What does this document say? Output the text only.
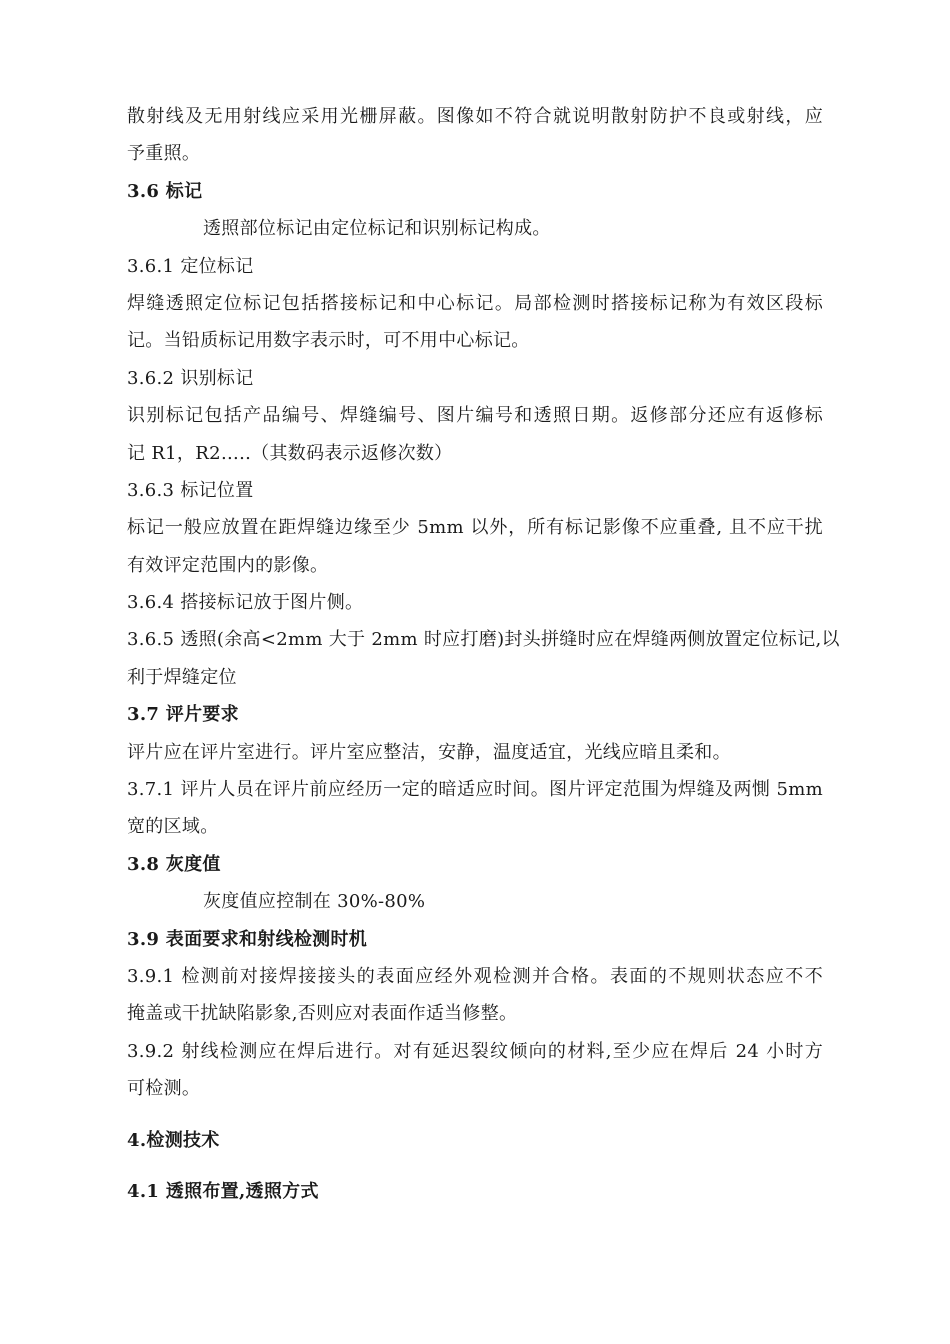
散射线及无用射线应采用光栅屏蔽。图像如不符合就说明散射防护不良或射线，应
予重照。
3.6 标记
透照部位标记由定位标记和识别标记构成。
3.6.1 定位标记
焊缝透照定位标记包括搭接标记和中心标记。局部检测时搭接标记称为有效区段标
记。当铅质标记用数字表示时，可不用中心标记。
3.6.2 识别标记
识别标记包括产品编号、焊缝编号、图片编号和透照日期。返修部分还应有返修标
记 R1，R2…..（其数码表示返修次数）
3.6.3 标记位置
标记一般应放置在距焊缝边缘至少 5mm 以外，所有标记影像不应重叠, 且不应干扰
有效评定范围内的影像。
3.6.4 搭接标记放于图片侧。
3.6.5 透照(余高<2mm 大于 2mm 时应打磨)封头拼缝时应在焊缝两侧放置定位标记,以
利于焊缝定位
3.7 评片要求
评片应在评片室进行。评片室应整洁，安静，温度适宜，光线应暗且柔和。
3.7.1 评片人员在评片前应经历一定的暗适应时间。图片评定范围为焊缝及两惻 5mm
宽的区域。
3.8 灰度值
灰度值应控制在 30%-80%
3.9 表面要求和射线检测时机
3.9.1 检测前对接焊接接头的表面应经外观检测并合格。表面的不规则状态应不不
掩盖或干扰缺陷影象,否则应对表面作适当修整。
3.9.2 射线检测应在焊后进行。对有延迟裂纹倾向的材料,至少应在焊后 24 小时方
可检测。
4.检测技术
4.1 透照布置,透照方式
